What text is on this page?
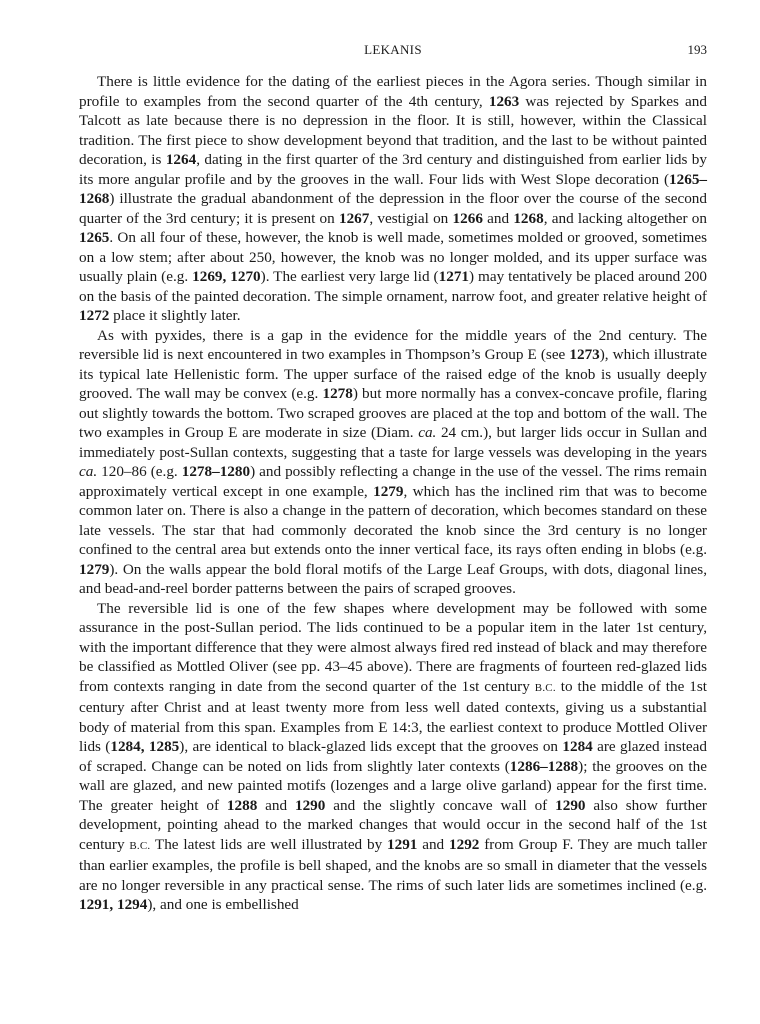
LEKANIS	193

There is little evidence for the dating of the earliest pieces in the Agora series. Though similar in profile to examples from the second quarter of the 4th century, 1263 was rejected by Sparkes and Talcott as late because there is no depression in the floor. It is still, however, within the Classical tradition. The first piece to show development beyond that tradition, and the last to be without painted decoration, is 1264, dating in the first quarter of the 3rd century and distinguished from earlier lids by its more angular profile and by the grooves in the wall. Four lids with West Slope decoration (1265–1268) illustrate the gradual abandonment of the depression in the floor over the course of the second quarter of the 3rd century; it is present on 1267, vestigial on 1266 and 1268, and lacking altogether on 1265. On all four of these, however, the knob is well made, sometimes molded or grooved, sometimes on a low stem; after about 250, however, the knob was no longer molded, and its upper surface was usually plain (e.g. 1269, 1270). The earliest very large lid (1271) may tentatively be placed around 200 on the basis of the painted decoration. The simple ornament, narrow foot, and greater relative height of 1272 place it slightly later.

As with pyxides, there is a gap in the evidence for the middle years of the 2nd century. The reversible lid is next encountered in two examples in Thompson’s Group E (see 1273), which illustrate its typical late Hellenistic form. The upper surface of the raised edge of the knob is usually deeply grooved. The wall may be convex (e.g. 1278) but more normally has a convex-concave profile, flaring out slightly towards the bottom. Two scraped grooves are placed at the top and bottom of the wall. The two examples in Group E are moderate in size (Diam. ca. 24 cm.), but larger lids occur in Sullan and immediately post-Sullan contexts, suggesting that a taste for large vessels was developing in the years ca. 120–86 (e.g. 1278–1280) and possibly reflecting a change in the use of the vessel. The rims remain approximately vertical except in one example, 1279, which has the inclined rim that was to become common later on. There is also a change in the pattern of decoration, which becomes standard on these late vessels. The star that had commonly decorated the knob since the 3rd century is no longer confined to the central area but extends onto the inner vertical face, its rays often ending in blobs (e.g. 1279). On the walls appear the bold floral motifs of the Large Leaf Groups, with dots, diagonal lines, and bead-and-reel border patterns between the pairs of scraped grooves.

The reversible lid is one of the few shapes where development may be followed with some assurance in the post-Sullan period. The lids continued to be a popular item in the later 1st century, with the important difference that they were almost always fired red instead of black and may therefore be classified as Mottled Oliver (see pp. 43–45 above). There are fragments of fourteen red-glazed lids from contexts ranging in date from the second quarter of the 1st century B.C. to the middle of the 1st century after Christ and at least twenty more from less well dated contexts, giving us a substantial body of material from this span. Examples from E 14:3, the earliest context to produce Mottled Oliver lids (1284, 1285), are identical to black-glazed lids except that the grooves on 1284 are glazed instead of scraped. Change can be noted on lids from slightly later contexts (1286–1288); the grooves on the wall are glazed, and new painted motifs (lozenges and a large olive garland) appear for the first time. The greater height of 1288 and 1290 and the slightly concave wall of 1290 also show further development, pointing ahead to the marked changes that would occur in the second half of the 1st century B.C. The latest lids are well illustrated by 1291 and 1292 from Group F. They are much taller than earlier examples, the profile is bell shaped, and the knobs are so small in diameter that the vessels are no longer reversible in any practical sense. The rims of such later lids are sometimes inclined (e.g. 1291, 1294), and one is embellished
